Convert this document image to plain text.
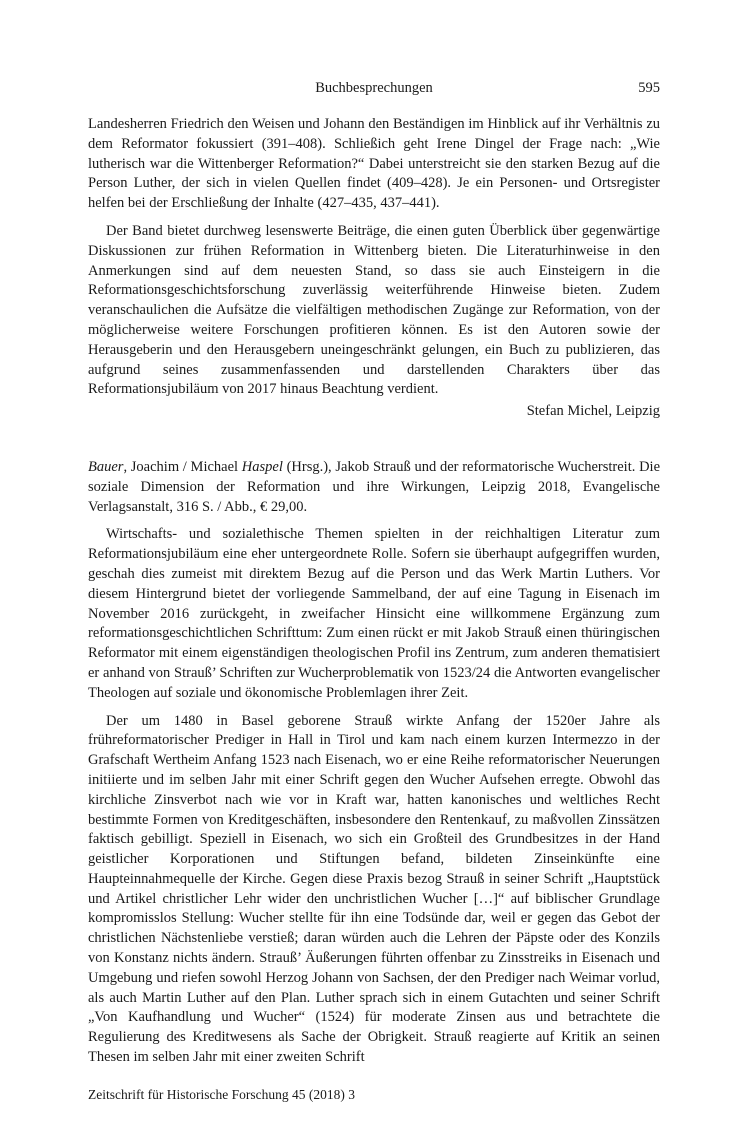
Buchbesprechungen	595

Landesherren Friedrich den Weisen und Johann den Beständigen im Hinblick auf ihr Verhältnis zu dem Reformator fokussiert (391–408). Schließich geht Irene Dingel der Frage nach: „Wie lutherisch war die Wittenberger Reformation?“ Dabei unterstreicht sie den starken Bezug auf die Person Luther, der sich in vielen Quellen findet (409–428). Je ein Personen- und Ortsregister helfen bei der Erschließung der Inhalte (427–435, 437–441).

Der Band bietet durchweg lesenswerte Beiträge, die einen guten Überblick über gegenwärtige Diskussionen zur frühen Reformation in Wittenberg bieten. Die Literaturhinweise in den Anmerkungen sind auf dem neuesten Stand, so dass sie auch Einsteigern in die Reformationsgeschichtsforschung zuverlässig weiterführende Hinweise bieten. Zudem veranschaulichen die Aufsätze die vielfältigen methodischen Zugänge zur Reformation, von der möglicherweise weitere Forschungen profitieren können. Es ist den Autoren sowie der Herausgeberin und den Herausgebern uneingeschränkt gelungen, ein Buch zu publizieren, das aufgrund seines zusammenfassenden und darstellenden Charakters über das Reformationsjubiläum von 2017 hinaus Beachtung verdient.

Stefan Michel, Leipzig

Bauer, Joachim / Michael Haspel (Hrsg.), Jakob Strauß und der reformatorische Wucherstreit. Die soziale Dimension der Reformation und ihre Wirkungen, Leipzig 2018, Evangelische Verlagsanstalt, 316 S. / Abb., € 29,00.

Wirtschafts- und sozialethische Themen spielten in der reichhaltigen Literatur zum Reformationsjubiläum eine eher untergeordnete Rolle. Sofern sie überhaupt aufgegriffen wurden, geschah dies zumeist mit direktem Bezug auf die Person und das Werk Martin Luthers. Vor diesem Hintergrund bietet der vorliegende Sammelband, der auf eine Tagung in Eisenach im November 2016 zurückgeht, in zweifacher Hinsicht eine willkommene Ergänzung zum reformationsgeschichtlichen Schrifttum: Zum einen rückt er mit Jakob Strauß einen thüringischen Reformator mit einem eigenständigen theologischen Profil ins Zentrum, zum anderen thematisiert er anhand von Strauß’ Schriften zur Wucherproblematik von 1523/24 die Antworten evangelischer Theologen auf soziale und ökonomische Problemlagen ihrer Zeit.

Der um 1480 in Basel geborene Strauß wirkte Anfang der 1520er Jahre als frühreformatorischer Prediger in Hall in Tirol und kam nach einem kurzen Intermezzo in der Grafschaft Wertheim Anfang 1523 nach Eisenach, wo er eine Reihe reformatorischer Neuerungen initiierte und im selben Jahr mit einer Schrift gegen den Wucher Aufsehen erregte. Obwohl das kirchliche Zinsverbot nach wie vor in Kraft war, hatten kanonisches und weltliches Recht bestimmte Formen von Kreditgeschäften, insbesondere den Rentenkauf, zu maßvollen Zinssätzen faktisch gebilligt. Speziell in Eisenach, wo sich ein Großteil des Grundbesitzes in der Hand geistlicher Korporationen und Stiftungen befand, bildeten Zinseinkünfte eine Haupteinnahmequelle der Kirche. Gegen diese Praxis bezog Strauß in seiner Schrift „Hauptstück und Artikel christlicher Lehr wider den unchristlichen Wucher […]“ auf biblischer Grundlage kompromisslos Stellung: Wucher stellte für ihn eine Todsünde dar, weil er gegen das Gebot der christlichen Nächstenliebe verstieß; daran würden auch die Lehren der Päpste oder des Konzils von Konstanz nichts ändern. Strauß’ Äußerungen führten offenbar zu Zinsstreiks in Eisenach und Umgebung und riefen sowohl Herzog Johann von Sachsen, der den Prediger nach Weimar vorlud, als auch Martin Luther auf den Plan. Luther sprach sich in einem Gutachten und seiner Schrift „Von Kaufhandlung und Wucher“ (1524) für moderate Zinsen aus und betrachtete die Regulierung des Kreditwesens als Sache der Obrigkeit. Strauß reagierte auf Kritik an seinen Thesen im selben Jahr mit einer zweiten Schrift

Zeitschrift für Historische Forschung 45 (2018) 3
